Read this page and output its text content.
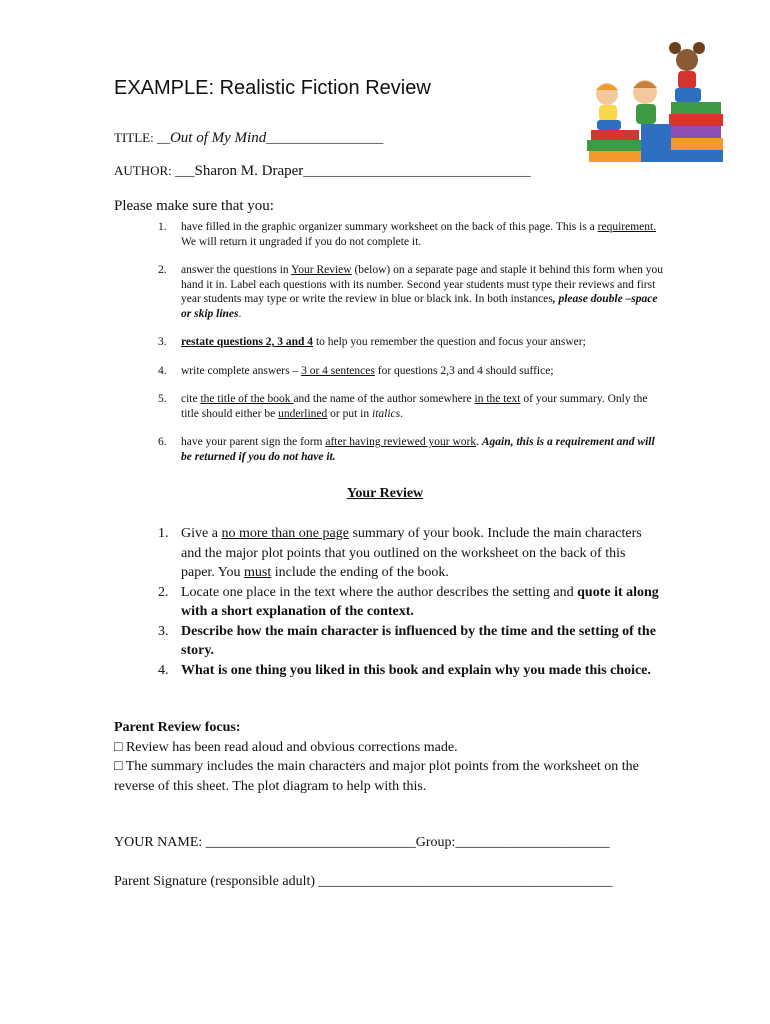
EXAMPLE: Realistic Fiction Review
TITLE: __Out of My Mind__________________
AUTHOR: ___Sharon M. Draper___________________________________
Please make sure that you:
1. have filled in the graphic organizer summary worksheet on the back of this page. This is a requirement. We will return it ungraded if you do not complete it.
2. answer the questions in Your Review (below) on a separate page and staple it behind this form when you hand it in. Label each questions with its number. Second year students must type their reviews and first year students may type or write the review in blue or black ink. In both instances, please double –space or skip lines.
3. restate questions 2, 3 and 4 to help you remember the question and focus your answer;
4. write complete answers – 3 or 4 sentences for questions 2,3 and 4 should suffice;
5. cite the title of the book and the name of the author somewhere in the text of your summary. Only the title should either be underlined or put in italics.
6. have your parent sign the form after having reviewed your work. Again, this is a requirement and will be returned if you do not have it.
Your Review
1. Give a no more than one page summary of your book. Include the main characters and the major plot points that you outlined on the worksheet on the back of this paper. You must include the ending of the book.
2. Locate one place in the text where the author describes the setting and quote it along with a short explanation of the context.
3. Describe how the main character is influenced by the time and the setting of the story.
4. What is one thing you liked in this book and explain why you made this choice.
Parent Review focus:
□ Review has been read aloud and obvious corrections made.
□ The summary includes the main characters and major plot points from the worksheet on the reverse of this sheet. The plot diagram to help with this.
YOUR NAME: ______________________________Group:______________________
Parent Signature (responsible adult) __________________________________________
